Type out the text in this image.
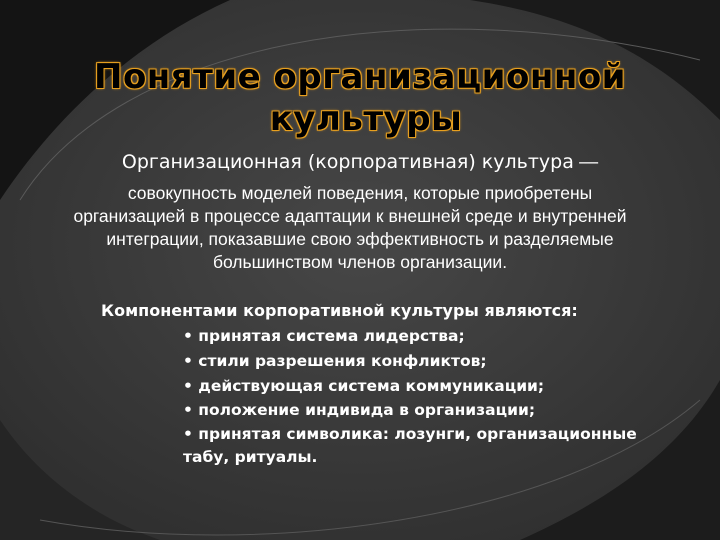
Понятие организационной
культуры
Организационная (корпоративная) культура —
совокупность моделей поведения, которые приобретены
организацией в процессе адаптации к внешней среде и внутренней
интеграции, показавшие свою эффективность и разделяемые
большинством членов организации.
Компонентами корпоративной культуры являются:
• принятая система лидерства;
• стили разрешения конфликтов;
• действующая система коммуникации;
• положение индивида в организации;
• принятая символика: лозунги, организационные
табу, ритуалы.
